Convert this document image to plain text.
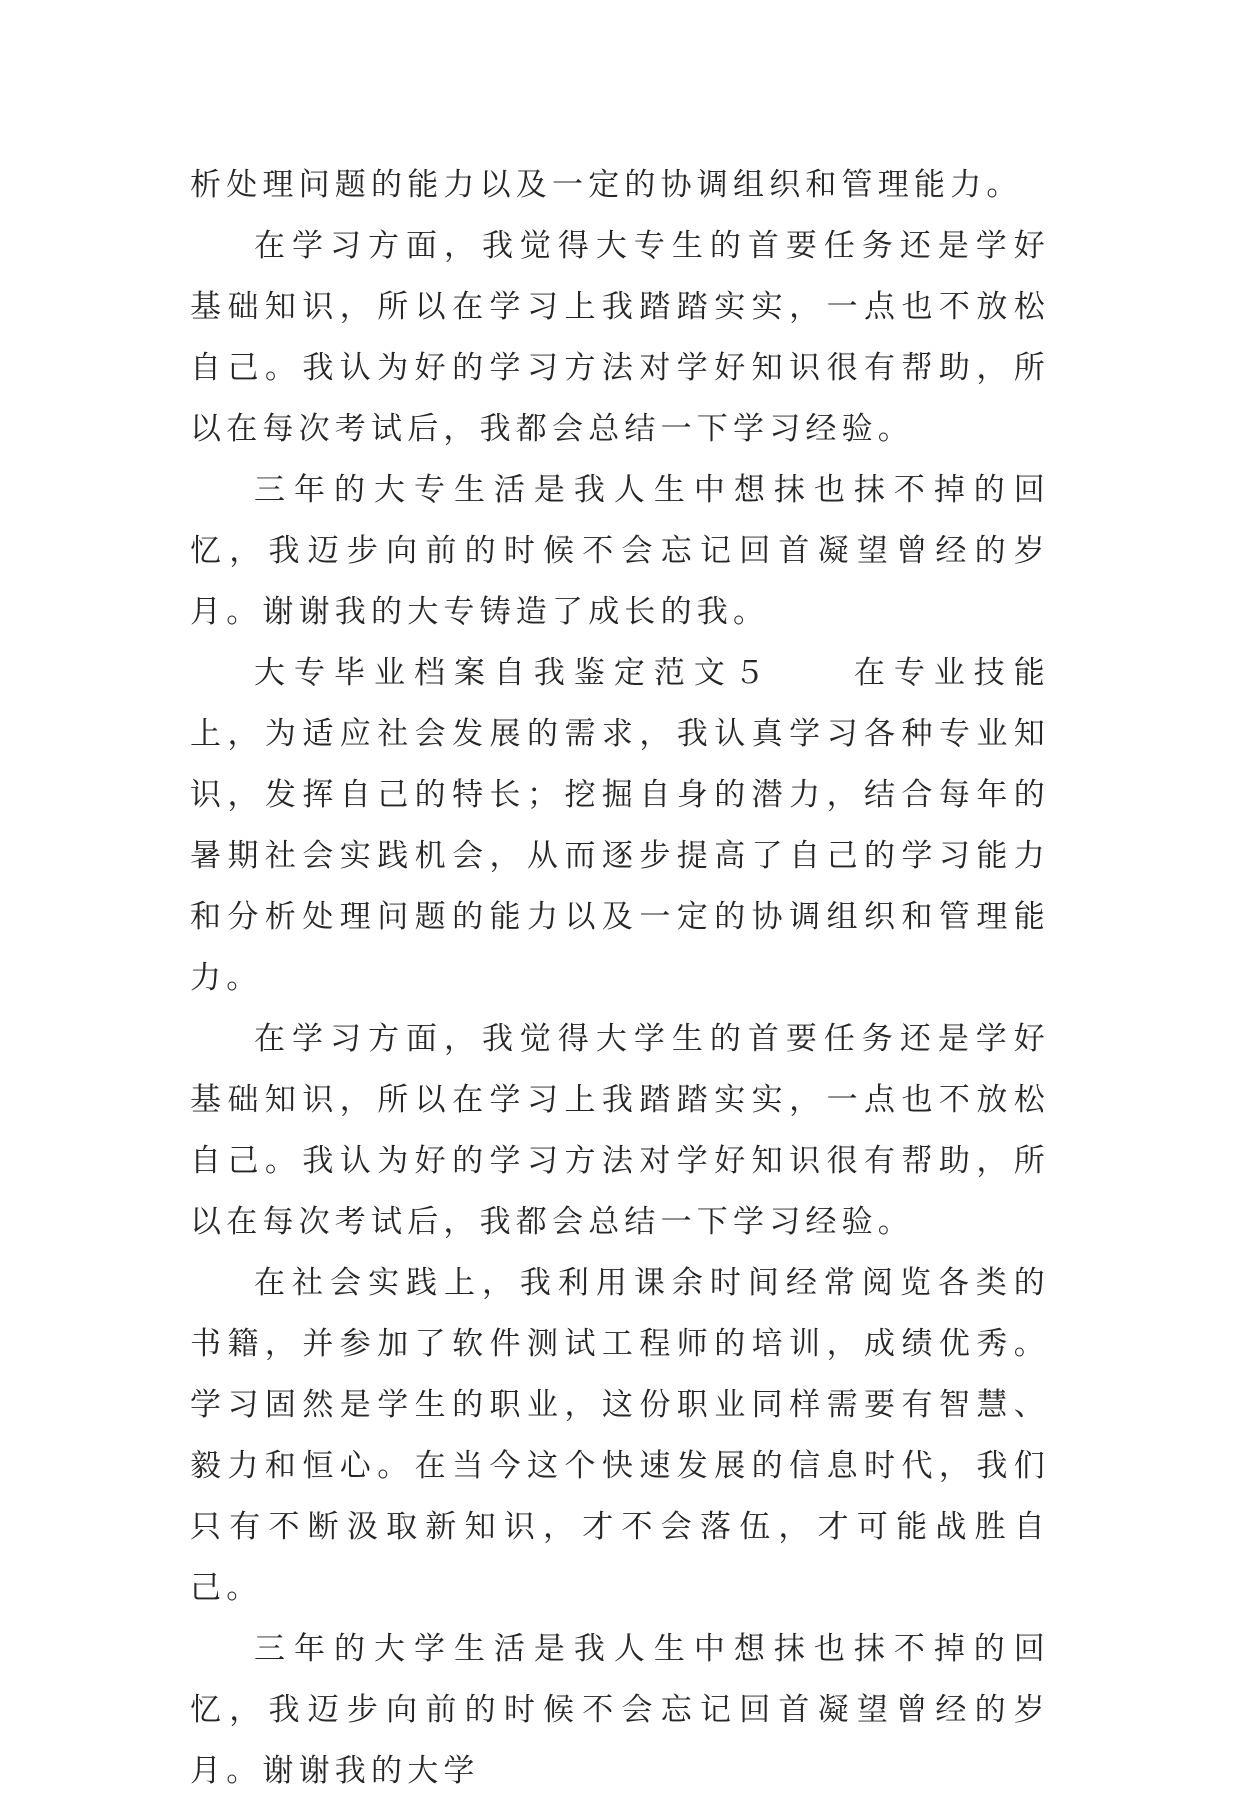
析处理问题的能力以及一定的协调组织和管理能力。

在学习方面，我觉得大专生的首要任务还是学好基础知识，所以在学习上我踏踏实实，一点也不放松自己。我认为好的学习方法对学好知识很有帮助，所以在每次考试后，我都会总结一下学习经验。

三年的大专生活是我人生中想抹也抹不掉的回忆，我迈步向前的时候不会忘记回首凝望曾经的岁月。谢谢我的大专铸造了成长的我。

大专毕业档案自我鉴定范文５　　在专业技能上，为适应社会发展的需求，我认真学习各种专业知识，发挥自己的特长；挖掘自身的潜力，结合每年的暑期社会实践机会，从而逐步提高了自己的学习能力和分析处理问题的能力以及一定的协调组织和管理能力。

在学习方面，我觉得大学生的首要任务还是学好基础知识，所以在学习上我踏踏实实，一点也不放松自己。我认为好的学习方法对学好知识很有帮助，所以在每次考试后，我都会总结一下学习经验。

在社会实践上，我利用课余时间经常阅览各类的书籍，并参加了软件测试工程师的培训，成绩优秀。学习固然是学生的职业，这份职业同样需要有智慧、毅力和恒心。在当今这个快速发展的信息时代，我们只有不断汲取新知识，才不会落伍，才可能战胜自己。

三年的大学生活是我人生中想抹也抹不掉的回忆，我迈步向前的时候不会忘记回首凝望曾经的岁月。谢谢我的大学
